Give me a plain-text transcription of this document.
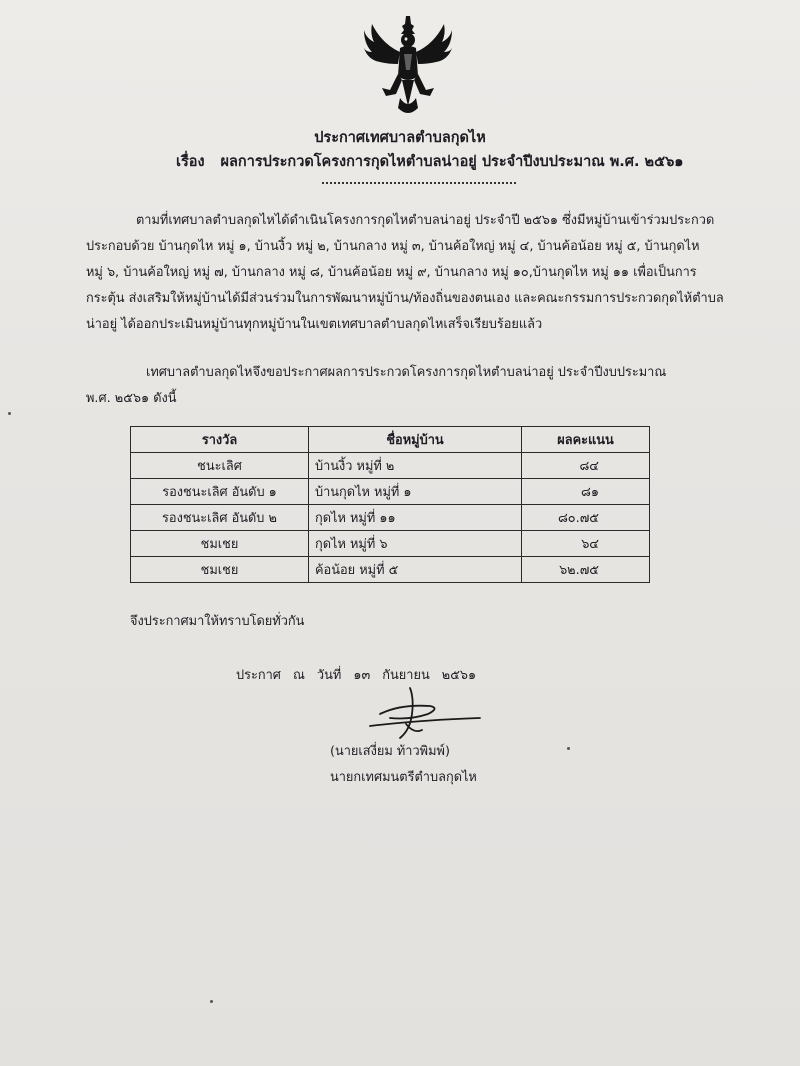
ประกาศเทศบาลตำบลกุดไห
เรื่อง ผลการประกวดโครงการกุดไหตำบลน่าอยู่ ประจำปีงบประมาณ พ.ศ. ๒๕๖๑
ตามที่เทศบาลตำบลกุดไหได้ดำเนินโครงการกุดไหตำบลน่าอยู่ ประจำปี ๒๕๖๑ ซึ่งมีหมู่บ้านเข้าร่วมประกวด
ประกอบด้วย บ้านกุดไห หมู่ ๑, บ้านงิ้ว หมู่ ๒, บ้านกลาง หมู่ ๓, บ้านค้อใหญ่ หมู่ ๔, บ้านค้อน้อย หมู่ ๕, บ้านกุดไห
หมู่ ๖, บ้านค้อใหญ่ หมู่ ๗, บ้านกลาง หมู่ ๘, บ้านค้อน้อย หมู่ ๙, บ้านกลาง หมู่ ๑๐,บ้านกุดไห หมู่ ๑๑ เพื่อเป็นการ
กระตุ้น ส่งเสริมให้หมู่บ้านได้มีส่วนร่วมในการพัฒนาหมู่บ้าน/ท้องถิ่นของตนเอง และคณะกรรมการประกวดกุดไห้ตำบล
น่าอยู่ ได้ออกประเมินหมู่บ้านทุกหมู่บ้านในเขตเทศบาลตำบลกุดไหเสร็จเรียบร้อยแล้ว
เทศบาลตำบลกุดไหจึงขอประกาศผลการประกวดโครงการกุดไหตำบลน่าอยู่ ประจำปีงบประมาณ
พ.ศ. ๒๕๖๑ ดังนี้
รางวัล	ชื่อหมู่บ้าน	ผลคะแนน
ชนะเลิศ	บ้านงิ้ว หมู่ที่ ๒	๘๔
รองชนะเลิศ อันดับ ๑	บ้านกุดไห หมู่ที่ ๑	๘๑
รองชนะเลิศ อันดับ ๒	กุดไห หมู่ที่ ๑๑	๘๐.๗๕
ชมเชย	กุดไห หมู่ที่ ๖	๖๔
ชมเชย	ค้อน้อย หมู่ที่ ๕	๖๒.๗๕
จึงประกาศมาให้ทราบโดยทั่วกัน
ประกาศ ณ วันที่ ๑๓ กันยายน ๒๕๖๑
(นายเสงี่ยม ท้าวพิมพ์)
นายกเทศมนตรีตำบลกุดไห
